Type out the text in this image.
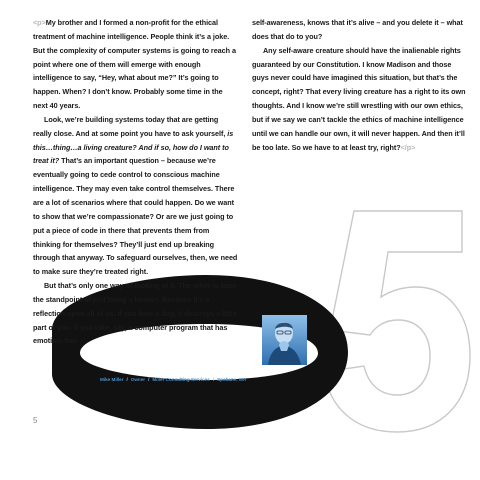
<p>My brother and I formed a non-profit for the ethical treatment of machine intelligence. People think it’s a joke. But the complexity of computer systems is going to reach a point where one of them will emerge with enough intelligence to say, “Hey, what about me?” It’s going to happen. When? I don’t know. Probably some time in the next 40 years.

Look, we’re building systems today that are getting really close. And at some point you have to ask yourself, is this…thing…a living creature? And if so, how do I want to treat it? That’s an important question – because we’re eventually going to cede control to conscious machine intelligence. They may even take control themselves. There are a lot of scenarios where that could happen. Do we want to show that we’re compassionate? Or are we just going to put a piece of code in there that prevents them from thinking for themselves? They’ll just end up breaking through that anyway. To safeguard ourselves, then, we need to make sure they’re treated right.

But that’s only one way of looking at it. The other is from the standpoint of just being a human. Because it’s a reflection upon all of us. If you beat a dog, it destroys a little part of you. If you take, say, a computer program that has emotion, has

self-awareness, knows that it’s alive – and you delete it – what does that do to you?

Any self-aware creature should have the inalienable rights guaranteed by our Constitution. I know Madison and those guys never could have imagined this situation, but that’s the concept, right? That every living creature has a right to its own thoughts. And I know we’re still wrestling with our own ethics, but if we say we can’t tackle the ethics of machine intelligence until we can handle our own, it will never happen. And then it’ll be too late. So we have to at least try, right?</p>

Mike Miller / Owner / Miller Consulting Services / Spokane, WA
5
